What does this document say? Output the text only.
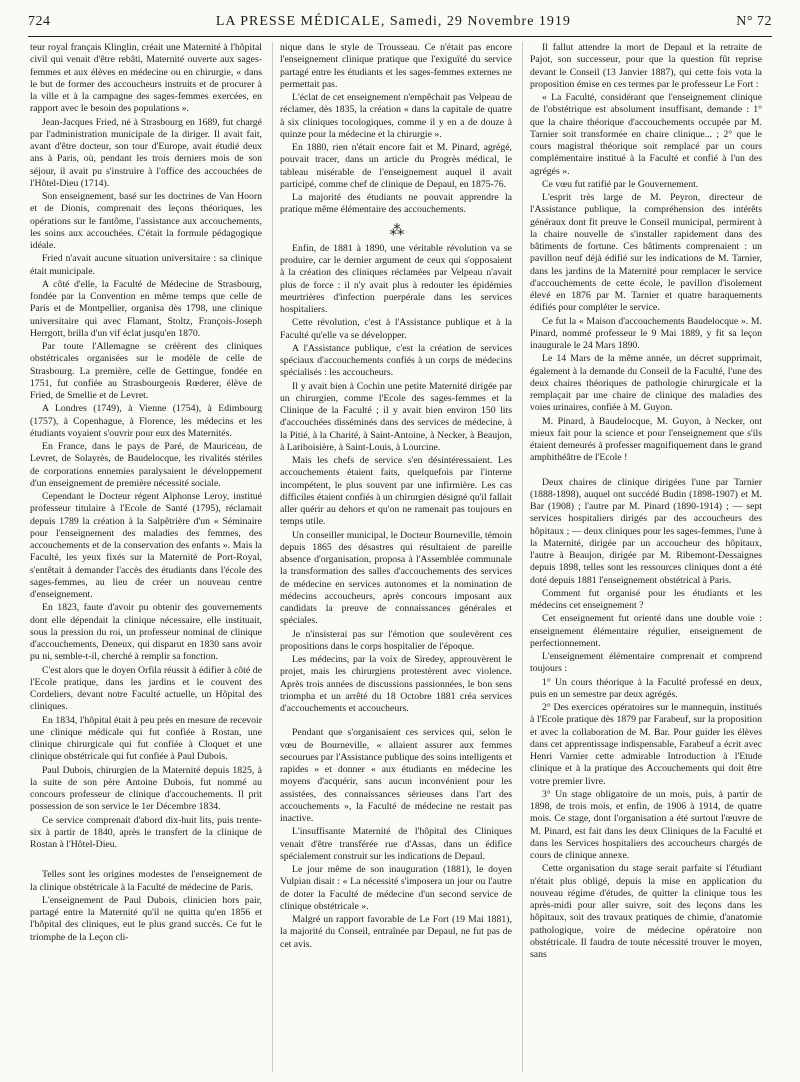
724	LA PRESSE MÉDICALE, Samedi, 29 Novembre 1919	N° 72

teur royal français Klinglin, créait une Maternité à l'hôpital civil qui venait d'être rebâti, Maternité ouverte aux sages-femmes et aux élèves en médecine ou en chirurgie, « dans le but de former des accoucheurs instruits et de procurer à la ville et à la campagne des sages-femmes exercées, en rapport avec le besoin des populations ».

Jean-Jacques Fried, né à Strasbourg en 1689, fut chargé par l'administration municipale de la diriger. Il avait fait, avant d'être docteur, son tour d'Europe, avait étudié deux ans à Paris, où, pendant les trois derniers mois de son séjour, il avait pu s'instruire à l'office des accouchées de l'Hôtel-Dieu (1714).

Son enseignement, basé sur les doctrines de Van Hoorn et de Dionis, comprenait des leçons théoriques, les opérations sur le fantôme, l'assistance aux accouchements, les soins aux accouchées. C'était la formule pédagogique idéale.

Fried n'avait aucune situation universitaire : sa clinique était municipale.

A côté d'elle, la Faculté de Médecine de Strasbourg, fondée par la Convention en même temps que celle de Paris et de Montpellier, organisa dès 1798, une clinique universitaire qui avec Flamant, Stoltz, François-Joseph Herrgott, brilla d'un vif éclat jusqu'en 1870.

Par toute l'Allemagne se créèrent des cliniques obstétricales organisées sur le modèle de celle de Strasbourg. La première, celle de Gettingue, fondée en 1751, fut confiée au Strasbourgeois Rœderer, élève de Fried, de Smellie et de Levret.

A Londres (1749), à Vienne (1754), à Edimbourg (1757), à Copenhague, à Florence, les médecins et les étudiants voyaient s'ouvrir pour eux des Maternités.

En France, dans le pays de Paré, de Mauriceau, de Levret, de Solayrès, de Baudelocque, les rivalités stériles de corporations ennemies paralysaient le développement d'un enseignement de première nécessité sociale.

Cependant le Docteur régent Alphonse Leroy, institué professeur titulaire à l'Ecole de Santé (1795), réclamait depuis 1789 la création à la Salpêtrière d'un « Séminaire pour l'enseignement des maladies des femmes, des accouchements et de la conservation des enfants ». Mais la Faculté, les yeux fixés sur la Maternité de Port-Royal, s'entêtait à demander l'accès des étudiants dans l'école des sages-femmes, au lieu de créer un nouveau centre d'enseignement.

En 1823, faute d'avoir pu obtenir des gouvernements dont elle dépendait la clinique nécessaire, elle instituait, sous la pression du roi, un professeur nominal de clinique d'accouchements, Deneux, qui disparut en 1830 sans avoir pu ni, semble-t-il, cherché à remplir sa fonction.

C'est alors que le doyen Orfila réussit à édifier à côté de l'Ecole pratique, dans les jardins et le couvent des Cordeliers, devant notre Faculté actuelle, un Hôpital des cliniques.

En 1834, l'hôpital était à peu près en mesure de recevoir une clinique médicale qui fut confiée à Rostan, une clinique chirurgicale qui fut confiée à Cloquet et une clinique obstétricale qui fut confiée à Paul Dubois.

Paul Dubois, chirurgien de la Maternité depuis 1825, à la suite de son père Antoine Dubois, fut nommé au concours professeur de clinique d'accouchements. Il prit possession de son service le 1er Décembre 1834.

Ce service comprenait d'abord dix-huit lits, puis trente-six à partir de 1840, après le transfert de la clinique de Rostan à l'Hôtel-Dieu.

Telles sont les origines modestes de l'enseignement de la clinique obstétricale à la Faculté de médecine de Paris.

L'enseignement de Paul Dubois, clinicien hors pair, partagé entre la Maternité qu'il ne quitta qu'en 1856 et l'hôpital des cliniques, eut le plus grand succès. Ce fut le triomphe de la Leçon cli-

nique dans le style de Trousseau. Ce n'était pas encore l'enseignement clinique pratique que l'exiguïté du service partagé entre les étudiants et les sages-femmes externes ne permettait pas.

L'éclat de cet enseignement n'empêchait pas Velpeau de réclamer, dès 1835, la création « dans la capitale de quatre à six cliniques tocologiques, comme il y en a de douze à quinze pour la médecine et la chirurgie ».

En 1880, rien n'était encore fait et M. Pinard, agrégé, pouvait tracer, dans un article du Progrès médical, le tableau misérable de l'enseignement auquel il avait participé, comme chef de clinique de Depaul, en 1875-76.

La majorité des étudiants ne pouvait apprendre la pratique même élémentaire des accouchements.

⁂

Enfin, de 1881 à 1890, une véritable révolution va se produire, car le dernier argument de ceux qui s'opposaient à la création des cliniques réclamées par Velpeau n'avait plus de force : il n'y avait plus à redouter les épidémies meurtrières d'infection puerpérale dans les services hospitaliers.

Cette révolution, c'est à l'Assistance publique et à la Faculté qu'elle va se développer.

A l'Assistance publique, c'est la création de services spéciaux d'accouchements confiés à un corps de médecins spécialisés : les accoucheurs.

Il y avait bien à Cochin une petite Maternité dirigée par un chirurgien, comme l'Ecole des sages-femmes et la Clinique de la Faculté ; il y avait bien environ 150 lits d'accouchées disséminés dans des services de médecine, à la Pitié, à la Charité, à Saint-Antoine, à Necker, à Beaujon, à Lariboisière, à Saint-Louis, à Lourcine.

Mais les chefs de service s'en désintéressaient. Les accouchements étaient faits, quelquefois par l'interne incompétent, le plus souvent par une infirmière. Les cas difficiles étaient confiés à un chirurgien désigné qu'il fallait aller quérir au dehors et qu'on ne ramenait pas toujours en temps utile.

Un conseiller municipal, le Docteur Bourneville, témoin depuis 1865 des désastres qui résultaient de pareille absence d'organisation, proposa à l'Assemblée communale la transformation des salles d'accouchements des services de médecine en services autonomes et la nomination de médecins accoucheurs, après concours imposant aux candidats la preuve de connaissances générales et spéciales.

Je n'insisterai pas sur l'émotion que soulevèrent ces propositions dans le corps hospitalier de l'époque.

Les médecins, par la voix de Siredey, approuvèrent le projet, mais les chirurgiens protestèrent avec violence. Après trois années de discussions passionnées, le bon sens triompha et un arrêté du 18 Octobre 1881 créa services d'accouchements et accoucheurs.

Pendant que s'organisaient ces services qui, selon le vœu de Bourneville, « allaient assurer aux femmes secourues par l'Assistance publique des soins intelligents et rapides » et donner « aux étudiants en médecine les moyens d'acquérir, sans aucun inconvénient pour les assistées, des connaissances sérieuses dans l'art des accouchements », la Faculté de médecine ne restait pas inactive.

L'insuffisante Maternité de l'hôpital des Cliniques venait d'être transférée rue d'Assas, dans un édifice spécialement construit sur les indications de Depaul.

Le jour même de son inauguration (1881), le doyen Vulpian disait : « La nécessité s'imposera un jour ou l'autre de doter la Faculté de médecine d'un second service de clinique obstétricale ».

Malgré un rapport favorable de Le Fort (19 Mai 1881), la majorité du Conseil, entraînée par Depaul, ne fut pas de cet avis.

Il fallut attendre la mort de Depaul et la retraite de Pajot, son successeur, pour que la question fût reprise devant le Conseil (13 Janvier 1887), qui cette fois vota la proposition émise en ces termes par le professeur Le Fort :

« La Faculté, considérant que l'enseignement clinique de l'obstétrique est absolument insuffisant, demande : 1° que la chaire théorique d'accouchements occupée par M. Tarnier soit transformée en chaire clinique... ; 2° que le cours magistral théorique soit remplacé par un cours complémentaire institué à la Faculté et confié à l'un des agrégés ».

Ce vœu fut ratifié par le Gouvernement.

L'esprit très large de M. Peyron, directeur de l'Assistance publique, la compréhension des intérêts généraux dont fit preuve le Conseil municipal, permirent à la chaire nouvelle de s'installer rapidement dans des bâtiments de fortune. Ces bâtiments comprenaient : un pavillon neuf déjà édifié sur les indications de M. Tarnier, dans les jardins de la Maternité pour remplacer le service d'accouchements de cette école, le pavillon d'isolement élevé en 1876 par M. Tarnier et quatre baraquements édifiés pour compléter le service.

Ce fut la « Maison d'accouchements Baudelocque ». M. Pinard, nommé professeur le 9 Mai 1889, y fit sa leçon inaugurale le 24 Mars 1890.

Le 14 Mars de la même année, un décret supprimait, également à la demande du Conseil de la Faculté, l'une des deux chaires théoriques de pathologie chirurgicale et la remplaçait par une chaire de clinique des maladies des voies urinaires, confiée à M. Guyon.

M. Pinard, à Baudelocque, M. Guyon, à Necker, ont mieux fait pour la science et pour l'enseignement que s'ils étaient demeurés à professer magnifiquement dans le grand amphithéâtre de l'Ecole !

Deux chaires de clinique dirigées l'une par Tarnier (1888-1898), auquel ont succédé Budin (1898-1907) et M. Bar (1908) ; l'autre par M. Pinard (1890-1914) ; — sept services hospitaliers dirigés par des accoucheurs des hôpitaux ; — deux cliniques pour les sages-femmes, l'une à la Maternité, dirigée par un accoucheur des hôpitaux, l'autre à Beaujon, dirigée par M. Ribemont-Dessaignes depuis 1898, telles sont les ressources cliniques dont a été doté depuis 1881 l'enseignement obstétrical à Paris.

Comment fut organisé pour les étudiants et les médecins cet enseignement ?

Cet enseignement fut orienté dans une double voie : enseignement élémentaire régulier, enseignement de perfectionnement.

L'enseignement élémentaire comprenait et comprend toujours :

1° Un cours théorique à la Faculté professé en deux, puis en un semestre par deux agrégés.

2° Des exercices opératoires sur le mannequin, institués à l'Ecole pratique dès 1879 par Farabeuf, sur la proposition et avec la collaboration de M. Bar. Pour guider les élèves dans cet apprentissage indispensable, Farabeuf a écrit avec Henri Varnier cette admirable Introduction à l'Etude clinique et à la pratique des Accouchements qui doit être votre premier livre.

3° Un stage obligatoire de un mois, puis, à partir de 1898, de trois mois, et enfin, de 1906 à 1914, de quatre mois. Ce stage, dont l'organisation a été surtout l'œuvre de M. Pinard, est fait dans les deux Cliniques de la Faculté et dans les Services hospitaliers des accoucheurs chargés de cours de clinique annexe.

Cette organisation du stage serait parfaite si l'étudiant n'était plus obligé, depuis la mise en application du nouveau régime d'études, de quitter la clinique tous les après-midi pour aller suivre, soit des leçons dans les hôpitaux, soit des travaux pratiques de chimie, d'anatomie pathologique, voire de médecine opératoire non obstétricale. Il faudra de toute nécessité trouver le moyen, sans
